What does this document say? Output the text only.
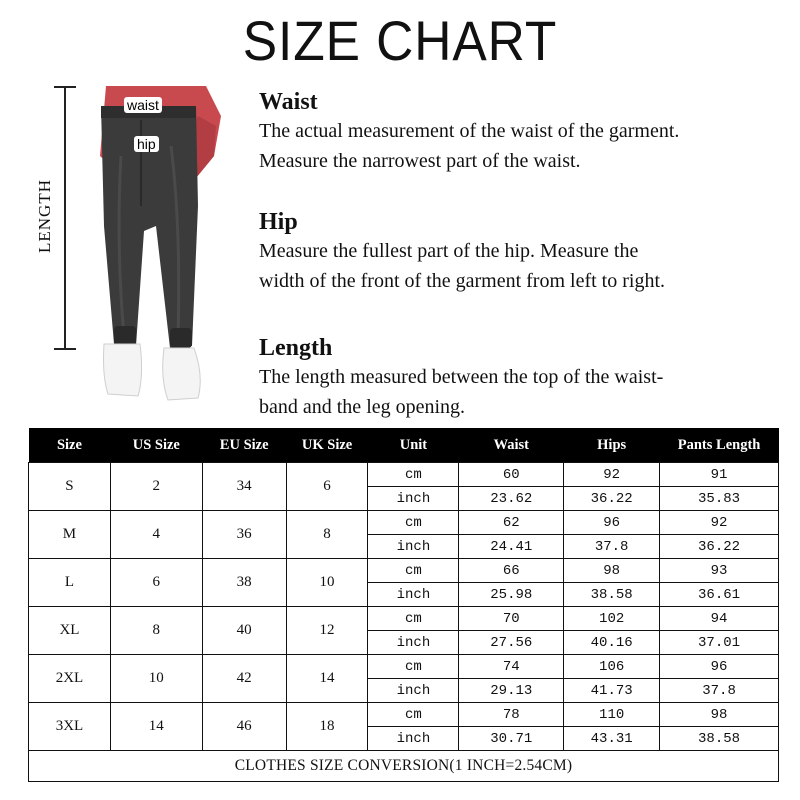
SIZE CHART
LENGTH
waist
hip
Waist

The actual measurement of the waist of the garment.

Measure the narrowest part of the waist.

Hip

Measure the fullest part of the hip. Measure the

width of the front of the garment from left to right.

Length

The length measured between the top of the waist-

band and the leg opening.

Size	US Size	EU Size	UK Size	Unit	Waist	Hips	Pants Length
S	2	34	6	cm	60	92	91
				inch	23.62	36.22	35.83
M	4	36	8	cm	62	96	92
				inch	24.41	37.8	36.22
L	6	38	10	cm	66	98	93
				inch	25.98	38.58	36.61
XL	8	40	12	cm	70	102	94
				inch	27.56	40.16	37.01
2XL	10	42	14	cm	74	106	96
				inch	29.13	41.73	37.8
3XL	14	46	18	cm	78	110	98
				inch	30.71	43.31	38.58
CLOTHES SIZE CONVERSION(1 INCH=2.54CM)							
